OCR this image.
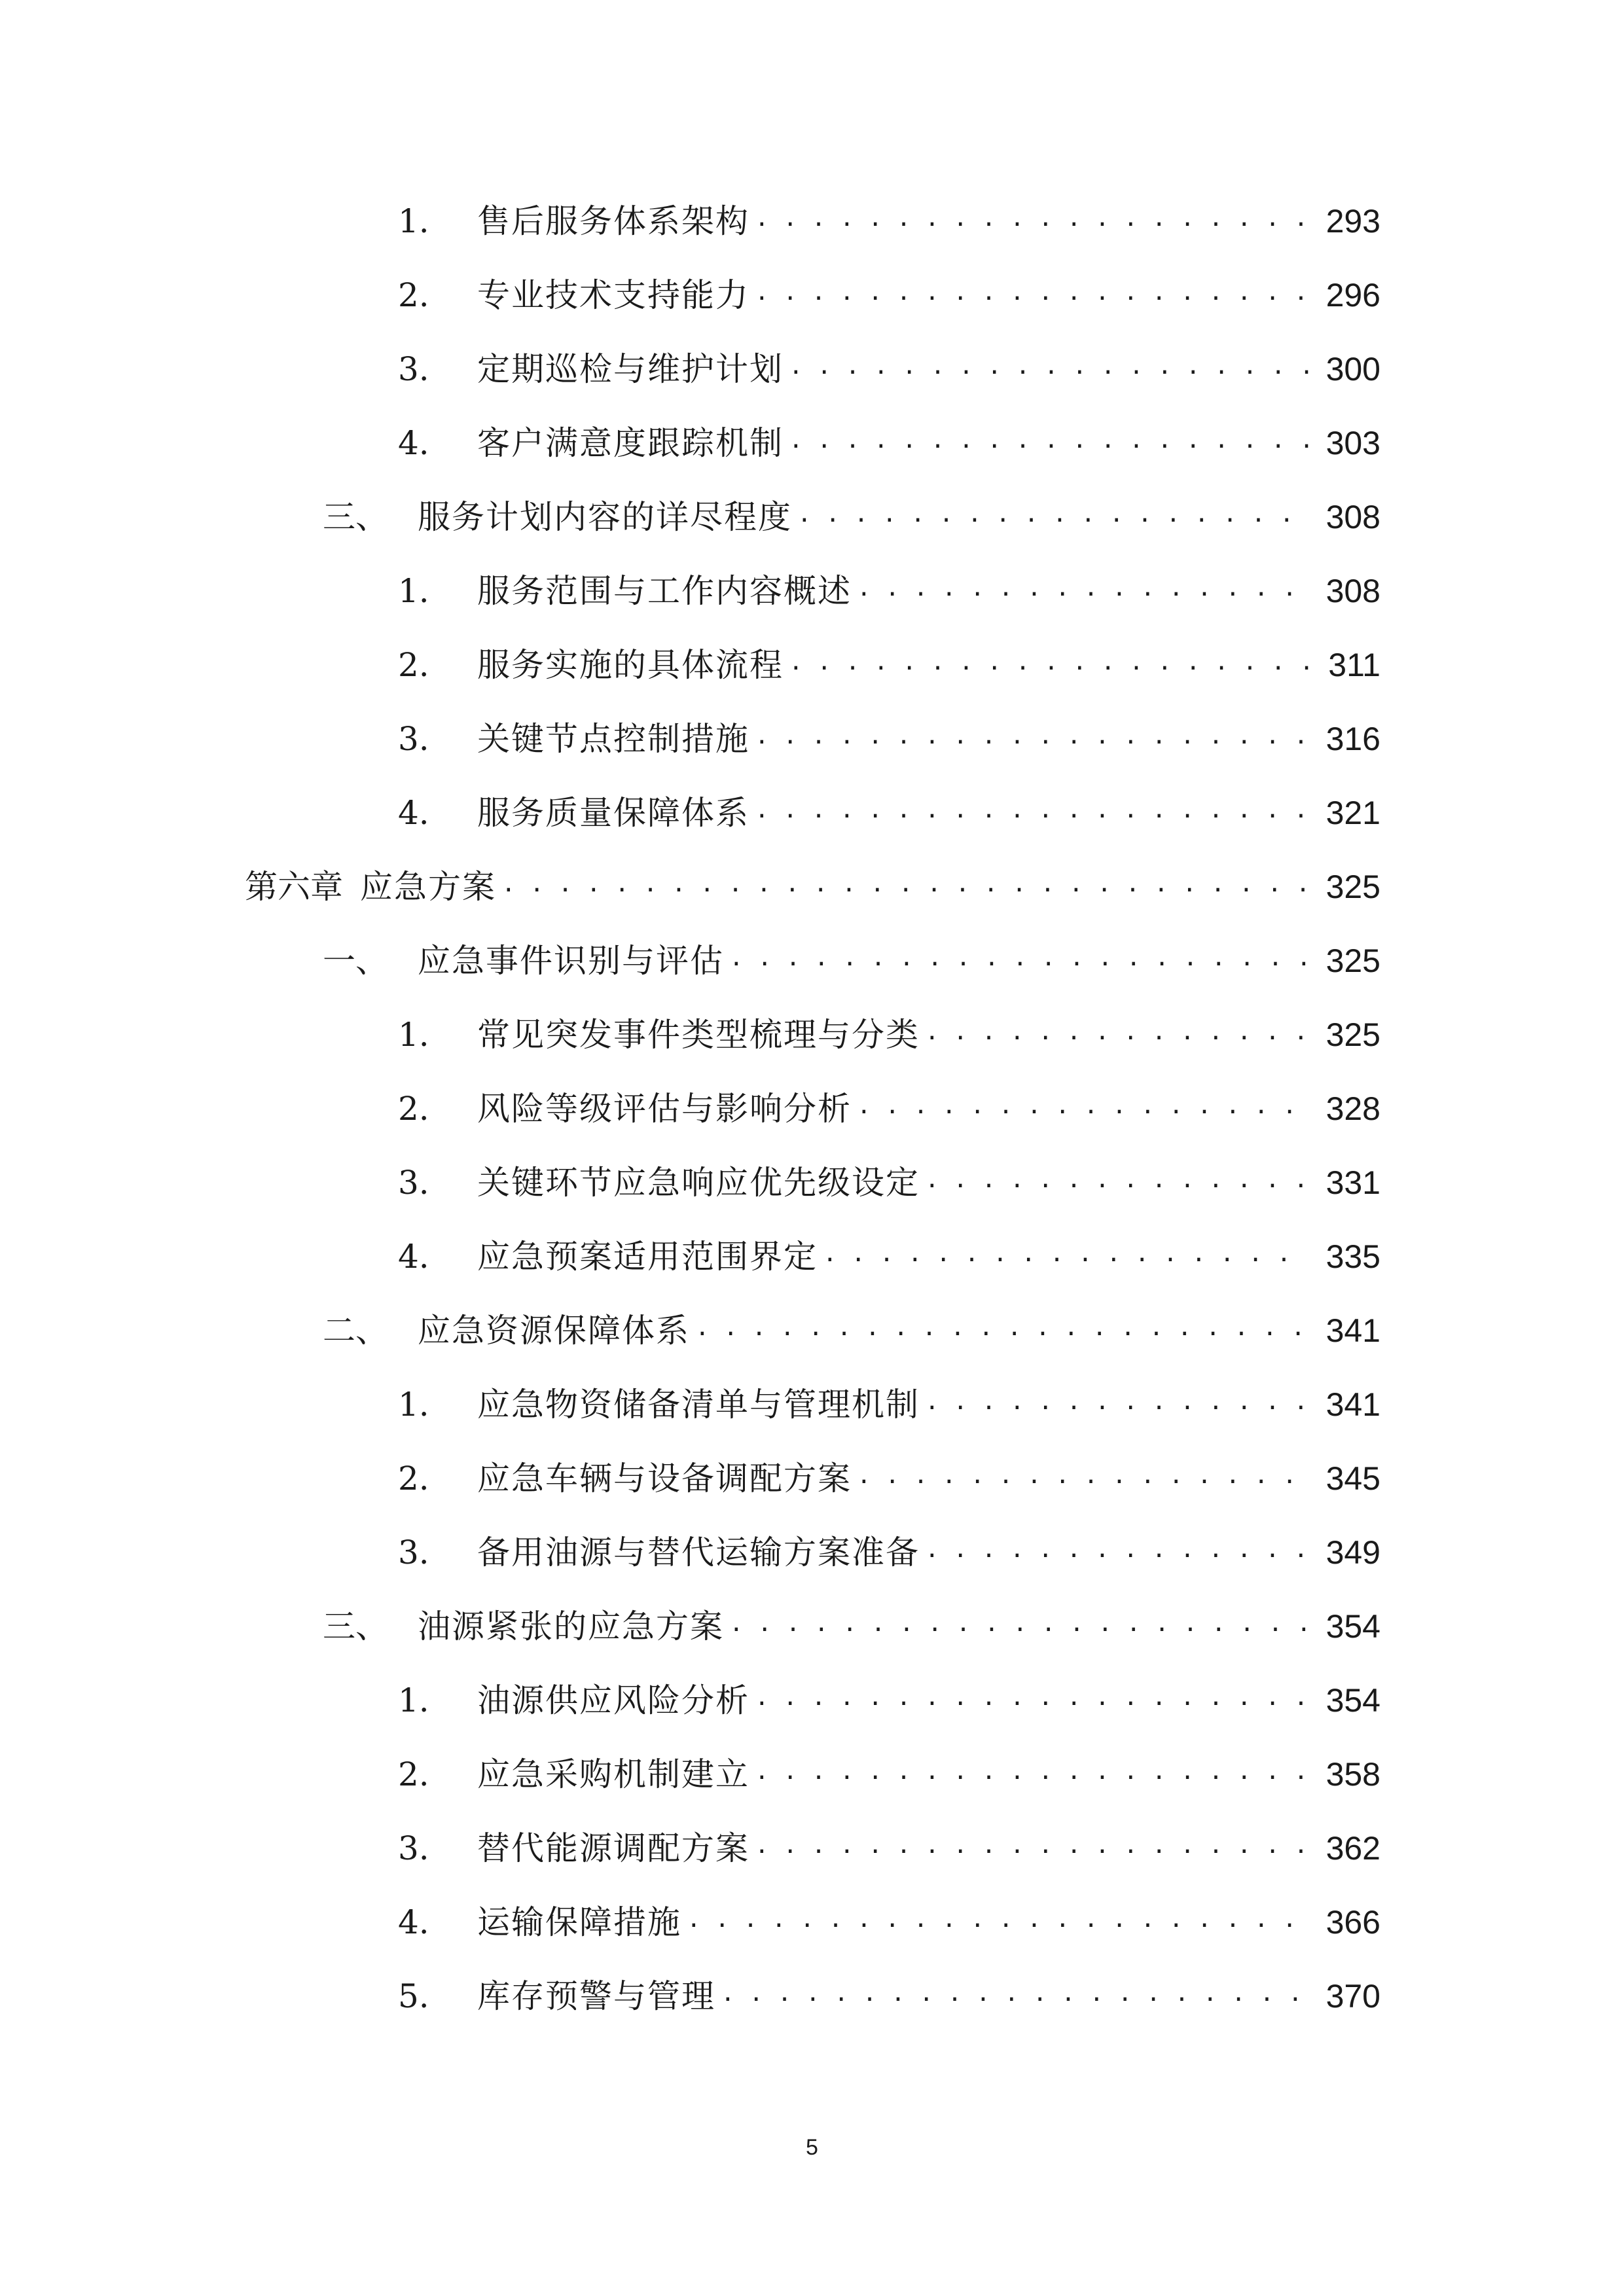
1.	售后服务体系架构 . . .	293
2.	专业技术支持能力 . . .	296
3.	定期巡检与维护计划 . . .	300
4.	客户满意度跟踪机制 . . .	303
三、 服务计划内容的详尽程度 . . .	308
1.	服务范围与工作内容概述 . . .	308
2.	服务实施的具体流程 . . .	311
3.	关键节点控制措施 . . .	316
4.	服务质量保障体系 . . .	321
第六章 应急方案 . . .	325
一、 应急事件识别与评估 . . .	325
1.	常见突发事件类型梳理与分类 . . .	325
2.	风险等级评估与影响分析 . . .	328
3.	关键环节应急响应优先级设定 . . .	331
4.	应急预案适用范围界定 . . .	335
二、 应急资源保障体系 . . .	341
1.	应急物资储备清单与管理机制 . . .	341
2.	应急车辆与设备调配方案 . . .	345
3.	备用油源与替代运输方案准备 . . .	349
三、 油源紧张的应急方案 . . .	354
1.	油源供应风险分析 . . .	354
2.	应急采购机制建立 . . .	358
3.	替代能源调配方案 . . .	362
4.	运输保障措施 . . .	366
5.	库存预警与管理 . . .	370
5
